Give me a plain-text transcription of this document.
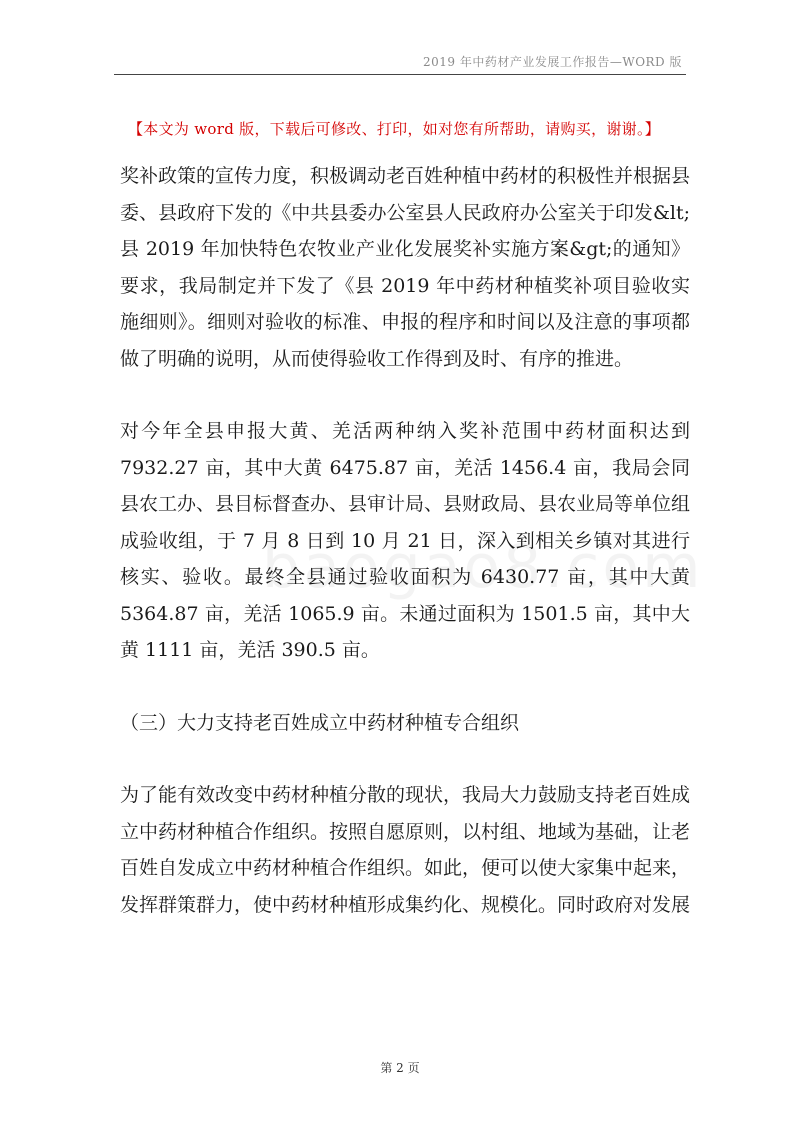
2019 年中药材产业发展工作报告—WORD 版
【本文为 word 版，下载后可修改、打印，如对您有所帮助，请购买，谢谢。】

奖补政策的宣传力度，积极调动老百姓种植中药材的积极性并根据县委、县政府下发的《中共县委办公室县人民政府办公室关于印发&lt;县 2019 年加快特色农牧业产业化发展奖补实施方案&gt;的通知》要求，我局制定并下发了《县 2019 年中药材种植奖补项目验收实施细则》。细则对验收的标准、申报的程序和时间以及注意的事项都做了明确的说明，从而使得验收工作得到及时、有序的推进。

对今年全县申报大黄、羌活两种纳入奖补范围中药材面积达到 7932.27 亩，其中大黄 6475.87 亩，羌活 1456.4 亩，我局会同县农工办、县目标督查办、县审计局、县财政局、县农业局等单位组成验收组，于 7 月 8 日到 10 月 21 日，深入到相关乡镇对其进行核实、验收。最终全县通过验收面积为 6430.77 亩，其中大黄 5364.87 亩，羌活 1065.9 亩。未通过面积为 1501.5 亩，其中大黄 1111 亩，羌活 390.5 亩。

（三）大力支持老百姓成立中药材种植专合组织

为了能有效改变中药材种植分散的现状，我局大力鼓励支持老百姓成立中药材种植合作组织。按照自愿原则，以村组、地域为基础，让老百姓自发成立中药材种植合作组织。如此，便可以使大家集中起来，发挥群策群力，使中药材种植形成集约化、规模化。同时政府对发展

第 2 页
